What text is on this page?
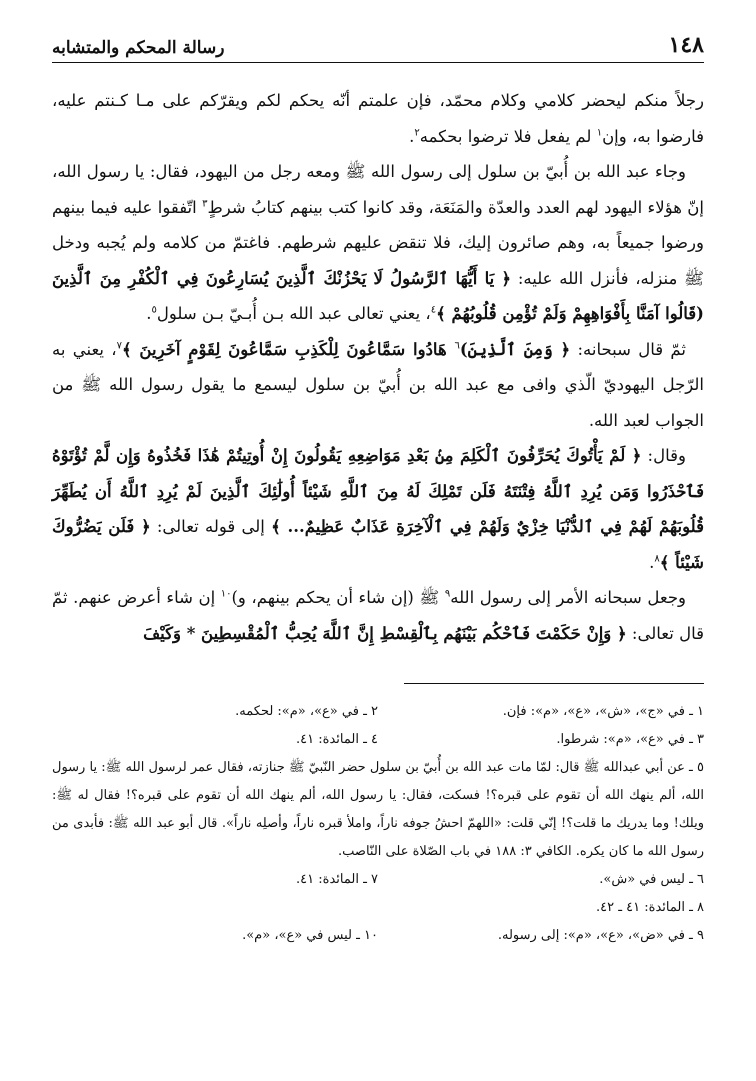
١٤٨
رسالة المحكم والمتشابه

رجلاً منكم ليحضر كلامي وكلام محمّد، فإن علمتم أنّه يحكم لكم ويقرّكم على مـا كـنتم عليه، فارضوا به، وإن$^١$ لم يفعل فلا ترضوا بحكمه$^٢$.

وجاء عبد الله بن أُبيّ بن سلول إلى رسول الله ﷺ ومعه رجل من اليهود، فقال: يا رسول الله، إنّ هؤلاء اليهود لهم العدد والعدّة والمَنَعَة، وقد كانوا كتب بينهم كتابُ شرطٍ$^٣$ اتّفقوا عليه فيما بينهم ورضوا جميعاً به، وهم صائرون إليك، فلا تنقض عليهم شرطهم. فاغتمّ من كلامه ولم يُجبه ودخل ﷺ منزله، فأنزل الله عليه: ﴿ يَا أَيُّهَا ٱلرَّسُولُ لَا يَحْزُنْكَ ٱلَّذِينَ يُسَارِعُونَ فِي ٱلْكُفْرِ مِنَ ٱلَّذِينَ (قَالُوا آمَنَّا بِأَفْوَاهِهِمْ وَلَمْ تُؤْمِن قُلُوبُهُمْ ﴾$^٤$، يعني تعالى عبد الله بـن أُبـيّ بـن سلول$^٥$.

ثمّ قال سبحانه: ﴿ وَمِنَ ٱلَّذِينَ)$^٦$ هَادُوا سَمَّاعُونَ لِلْكَذِبِ سَمَّاعُونَ لِقَوْمٍ آخَرِينَ ﴾$^٧$، يعني به الرّجل اليهوديّ الّذي وافى مع عبد الله بن أُبيّ بن سلول ليسمع ما يقول رسول الله ﷺ من الجواب لعبد الله.

وقال: ﴿ لَمْ يَأْتُوكَ يُحَرِّفُونَ ٱلْكَلِمَ مِنۢ بَعْدِ مَوَاضِعِهِ يَقُولُونَ إِنْ أُوتِيتُمْ هَٰذَا فَخُذُوهُ وَإِن لَّمْ تُؤْتَوْهُ فَٱحْذَرُوا وَمَن يُرِدِ ٱللَّهُ فِتْنَتَهُ فَلَن تَمْلِكَ لَهُ مِنَ ٱللَّهِ شَيْئاً أُولَٰئِكَ ٱلَّذِينَ لَمْ يُرِدِ ٱللَّهُ أَن يُطَهِّرَ قُلُوبَهُمْ لَهُمْ فِي ٱلدُّنْيَا خِزْيٌ وَلَهُمْ فِي ٱلْآخِرَةِ عَذَابٌ عَظِيمٌ... ﴾ إلى قوله تعالى: ﴿ فَلَن يَضُرُّوكَ شَيْئاً ﴾$^٨$.

وجعل سبحانه الأمر إلى رسول الله$^٩$ ﷺ (إن شاء أن يحكم بينهم، و)$^{١٠}$ إن شاء أعرض عنهم. ثمّ قال تعالى: ﴿ وَإِنْ حَكَمْتَ فَٱحْكُم بَيْنَهُم بِٱلْقِسْطِ إِنَّ ٱللَّهَ يُحِبُّ ٱلْمُقْسِطِينَ * وَكَيْفَ

١ ـ في «ج»، «ش»، «ع»، «م»: فإن.
٢ ـ في «ع»، «م»: لحكمه.
٣ ـ في «ع»، «م»: شرطوا.
٤ ـ المائدة: ٤١.
٥ ـ عن أبي عبدالله ﷺ قال: لمّا مات عبد الله بن أُبيّ بن سلول حضر النّبيّ ﷺ جنازته، فقال عمر لرسول الله ﷺ: يا رسول الله، ألم ينهك الله أن تقوم على قبره؟! فسكت، فقال: يا رسول الله، ألم ينهك الله أن تقوم على قبره؟! فقال له ﷺ: ويلك! وما يدريك ما قلت؟! إنّي قلت: «اللهمّ احشُ جوفه ناراً، واملأ قبره ناراً، وأصلِه ناراً». قال أبو عبد الله ﷺ: فأبدى من رسول الله ما كان يكره. الكافي ٣: ١٨٨ في باب الصّلاة على النّاصب.
٦ ـ ليس في «ش».
٧ ـ المائدة: ٤١.
٨ ـ المائدة: ٤١ ـ ٤٢.
٩ ـ في «ض»، «ع»، «م»: إلى رسوله.
١٠ ـ ليس في «ع»، «م».
